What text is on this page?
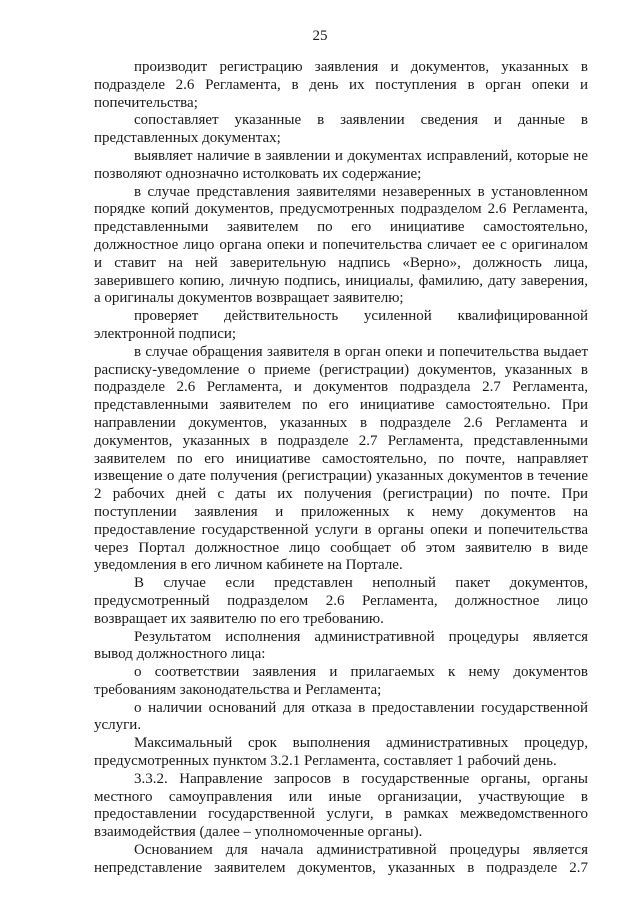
25

производит регистрацию заявления и документов, указанных в подразделе 2.6 Регламента, в день их поступления в орган опеки и попечительства;

сопоставляет указанные в заявлении сведения и данные в представленных документах;

выявляет наличие в заявлении и документах исправлений, которые не позволяют однозначно истолковать их содержание;

в случае представления заявителями незаверенных в установленном порядке копий документов, предусмотренных подразделом 2.6 Регламента, представленными заявителем по его инициативе самостоятельно, должностное лицо органа опеки и попечительства сличает ее с оригиналом и ставит на ней заверительную надпись «Верно», должность лица, заверившего копию, личную подпись, инициалы, фамилию, дату заверения, а оригиналы документов возвращает заявителю;

проверяет действительность усиленной квалифицированной электронной подписи;

в случае обращения заявителя в орган опеки и попечительства выдает расписку-уведомление о приеме (регистрации) документов, указанных в подразделе 2.6 Регламента, и документов подраздела 2.7 Регламента, представленными заявителем по его инициативе самостоятельно. При направлении документов, указанных в подразделе 2.6 Регламента и документов, указанных в подразделе 2.7 Регламента, представленными заявителем по его инициативе самостоятельно, по почте, направляет извещение о дате получения (регистрации) указанных документов в течение 2 рабочих дней с даты их получения (регистрации) по почте. При поступлении заявления и приложенных к нему документов на предоставление государственной услуги в органы опеки и попечительства через Портал должностное лицо сообщает об этом заявителю в виде уведомления в его личном кабинете на Портале.

В случае если представлен неполный пакет документов, предусмотренный подразделом 2.6 Регламента, должностное лицо возвращает их заявителю по его требованию.

Результатом исполнения административной процедуры является вывод должностного лица:

о соответствии заявления и прилагаемых к нему документов требованиям законодательства и Регламента;

о наличии оснований для отказа в предоставлении государственной услуги.

Максимальный срок выполнения административных процедур, предусмотренных пунктом 3.2.1 Регламента, составляет 1 рабочий день.

3.3.2. Направление запросов в государственные органы, органы местного самоуправления или иные организации, участвующие в предоставлении государственной услуги, в рамках межведомственного взаимодействия (далее – уполномоченные органы).

Основанием для начала административной процедуры является непредставление заявителем документов, указанных в подразделе 2.7
